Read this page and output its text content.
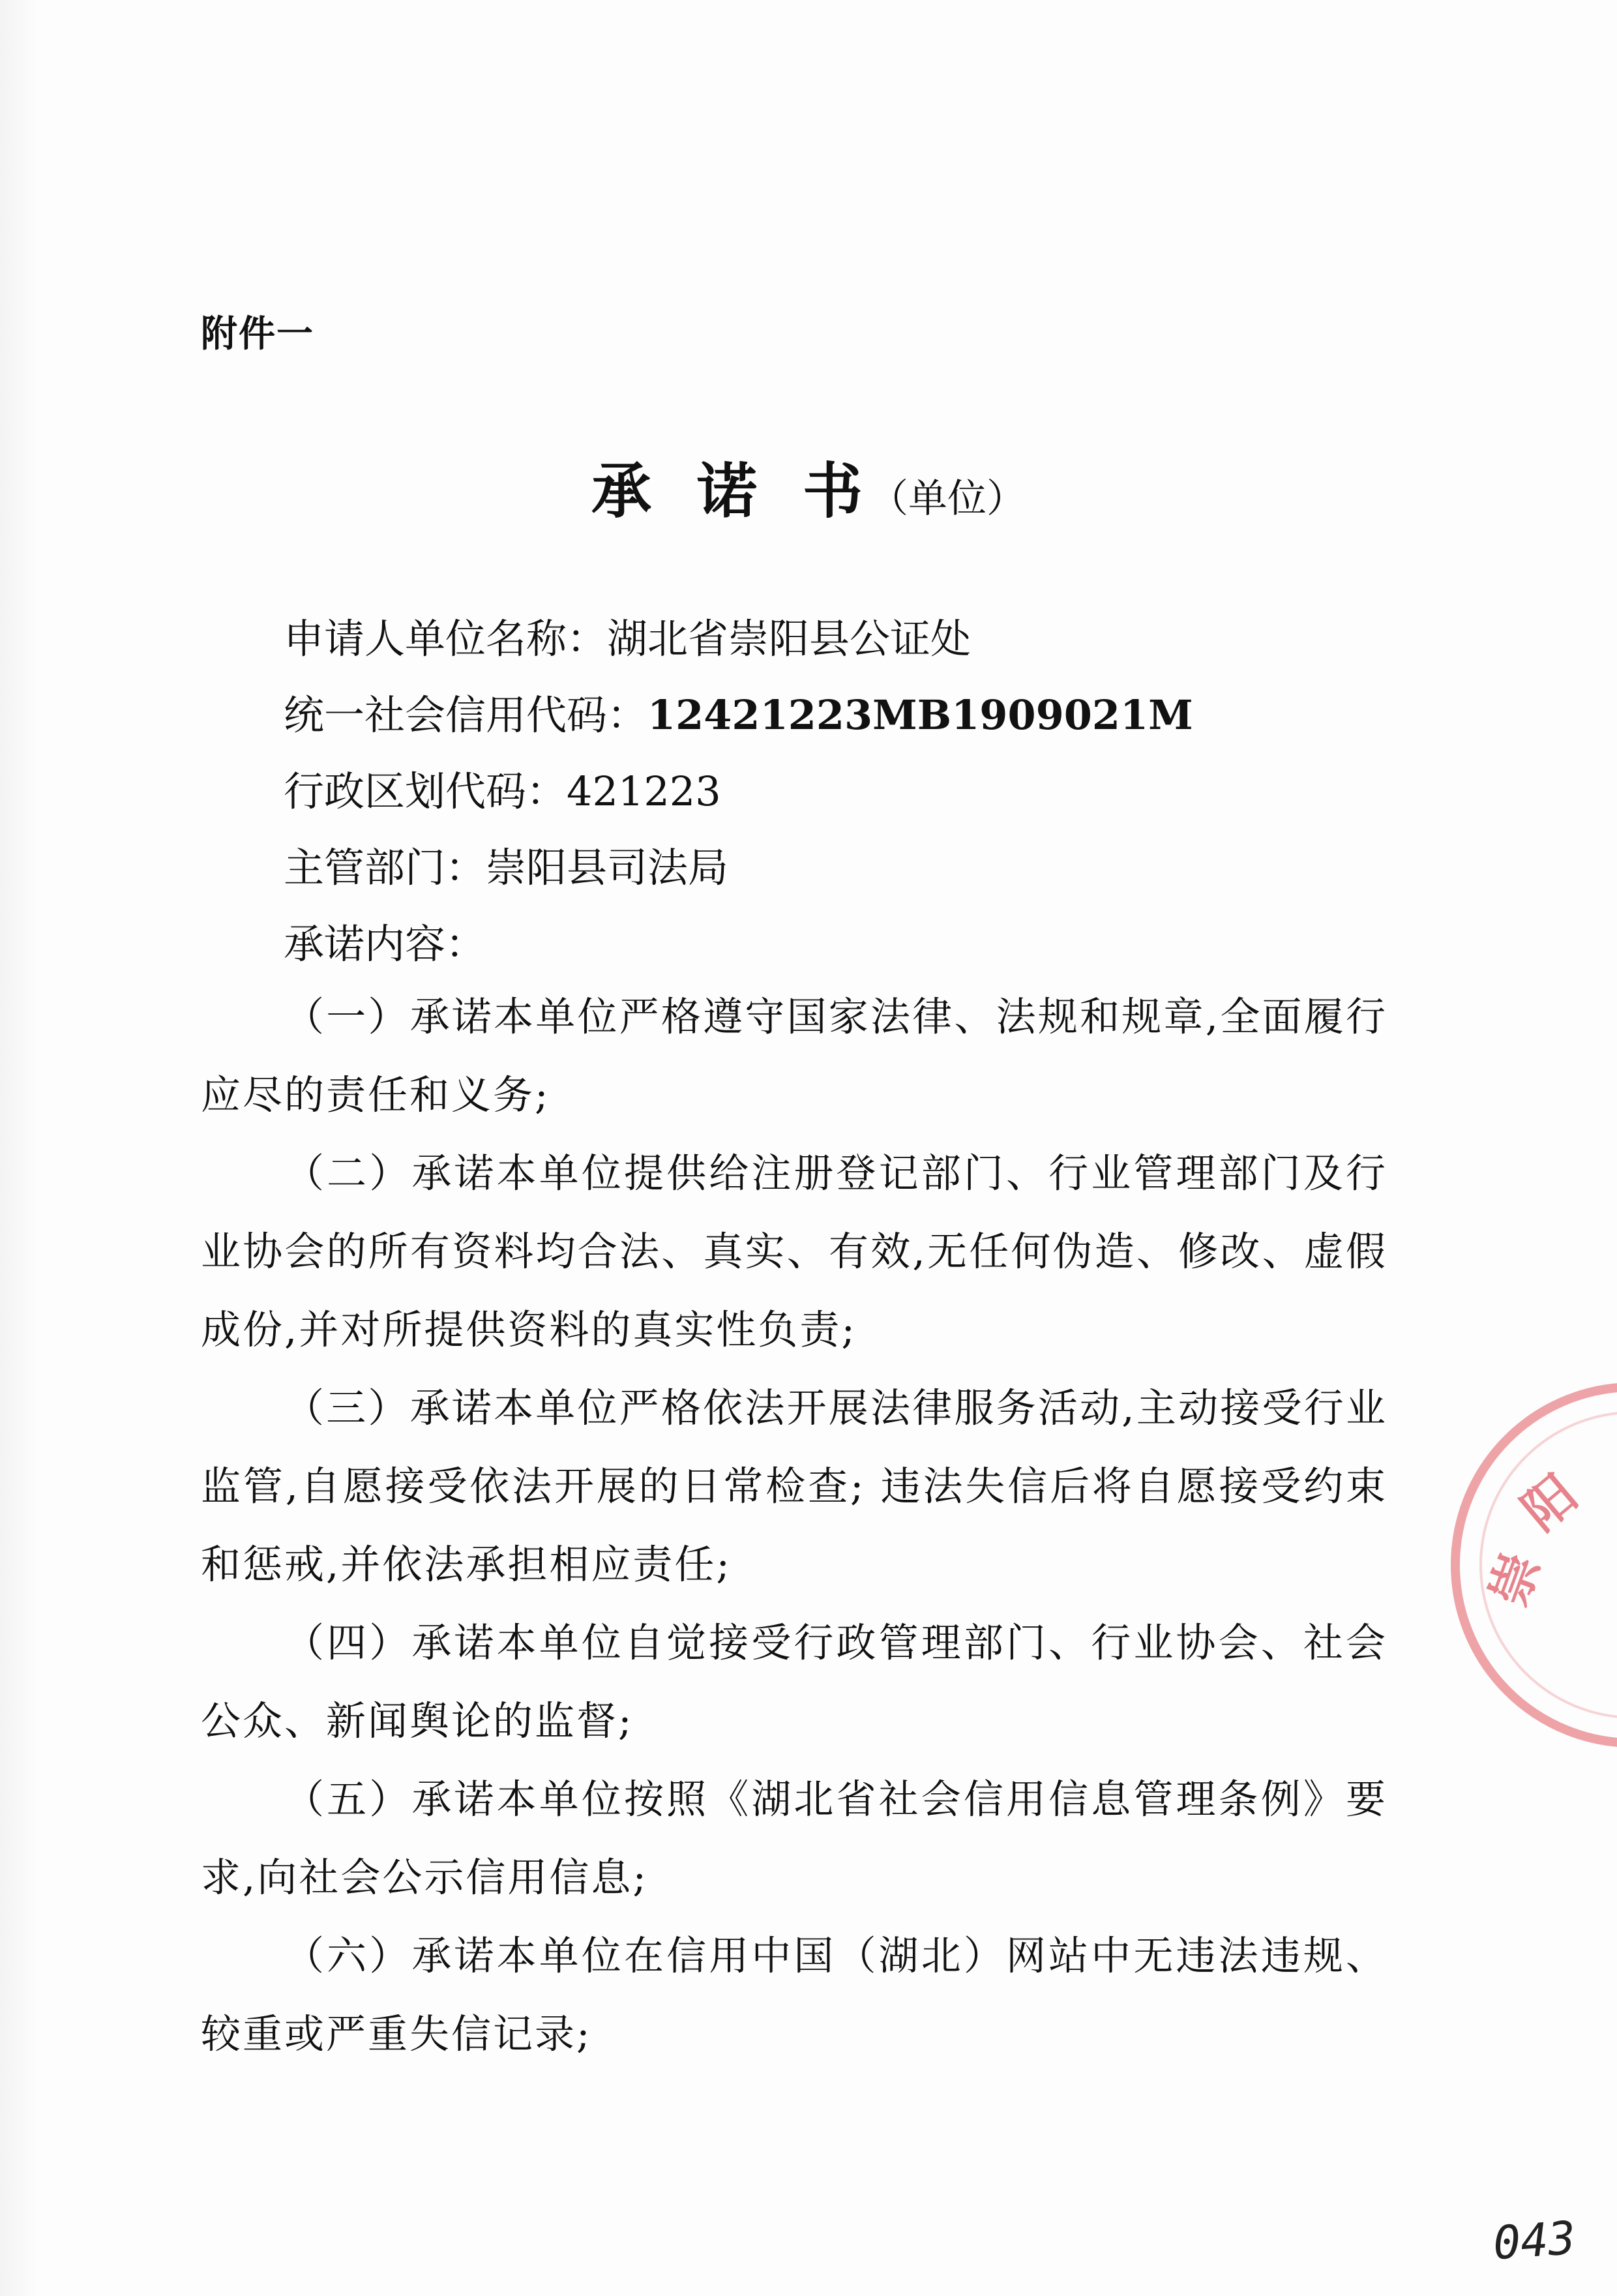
附件一
承诺书（单位）
申请人单位名称：湖北省崇阳县公证处
统一社会信用代码：12421223MB1909021M
行政区划代码：421223
主管部门：崇阳县司法局
承诺内容：

（一）承诺本单位严格遵守国家法律、法规和规章,全面履行应尽的责任和义务;

（二）承诺本单位提供给注册登记部门、行业管理部门及行业协会的所有资料均合法、真实、有效,无任何伪造、修改、虚假成份,并对所提供资料的真实性负责;

（三）承诺本单位严格依法开展法律服务活动,主动接受行业监管,自愿接受依法开展的日常检查; 违法失信后将自愿接受约束和惩戒,并依法承担相应责任;

（四）承诺本单位自觉接受行政管理部门、行业协会、社会公众、新闻舆论的监督;

（五）承诺本单位按照《湖北省社会信用信息管理条例》要求,向社会公示信用信息;

（六）承诺本单位在信用中国（湖北）网站中无违法违规、较重或严重失信记录;

崇
阳
043
